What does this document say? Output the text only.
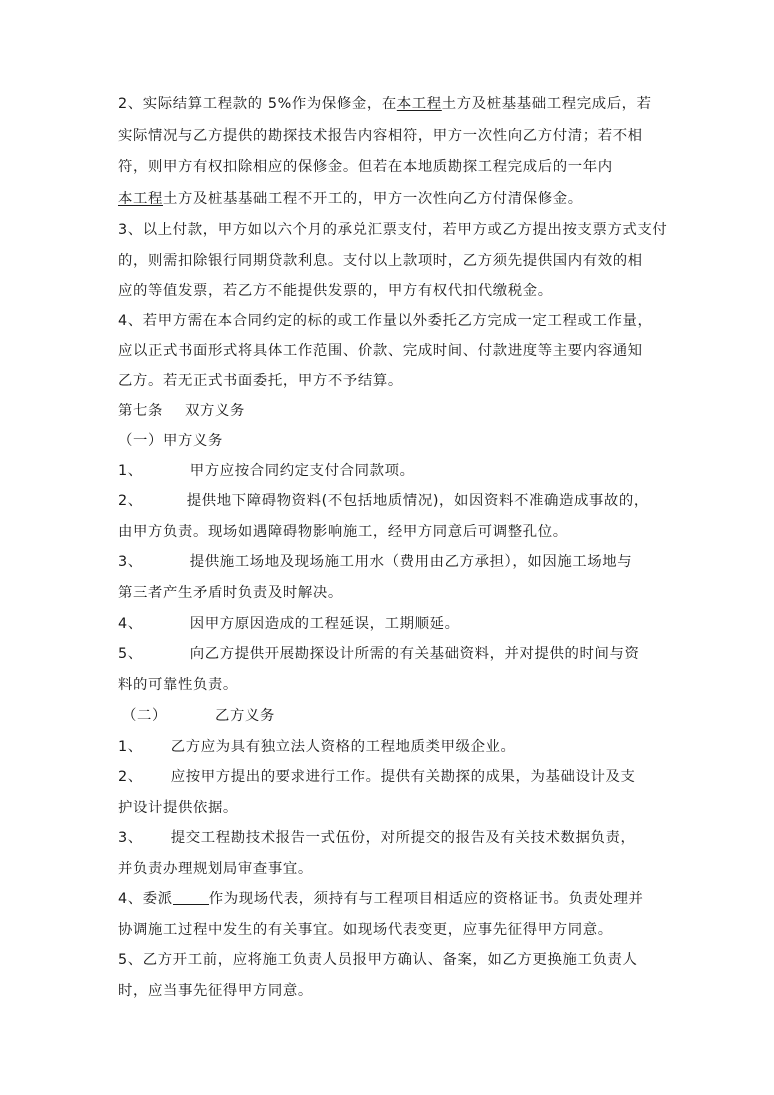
2、实际结算工程款的 5%作为保修金，在本工程土方及桩基基础工程完成后，若
实际情况与乙方提供的勘探技术报告内容相符，甲方一次性向乙方付清；若不相
符，则甲方有权扣除相应的保修金。但若在本地质勘探工程完成后的一年内
本工程土方及桩基基础工程不开工的，甲方一次性向乙方付清保修金。
3、以上付款，甲方如以六个月的承兑汇票支付，若甲方或乙方提出按支票方式支付
的，则需扣除银行同期贷款利息。支付以上款项时，乙方须先提供国内有效的相
应的等值发票，若乙方不能提供发票的，甲方有权代扣代缴税金。
4、若甲方需在本合同约定的标的或工作量以外委托乙方完成一定工程或工作量，
应以正式书面形式将具体工作范围、价款、完成时间、付款进度等主要内容通知
乙方。若无正式书面委托，甲方不予结算。
第七条 双方义务
（一）甲方义务
1、	甲方应按合同约定支付合同款项。
2、	提供地下障碍物资料(不包括地质情况)，如因资料不准确造成事故的，
由甲方负责。现场如遇障碍物影响施工，经甲方同意后可调整孔位。
3、	提供施工场地及现场施工用水（费用由乙方承担），如因施工场地与
第三者产生矛盾时负责及时解决。
4、	因甲方原因造成的工程延误，工期顺延。
5、	向乙方提供开展勘探设计所需的有关基础资料，并对提供的时间与资
料的可靠性负责。
（二）	乙方义务
1、 乙方应为具有独立法人资格的工程地质类甲级企业。
2、 应按甲方提出的要求进行工作。提供有关勘探的成果，为基础设计及支
护设计提供依据。
3、 提交工程勘技术报告一式伍份，对所提交的报告及有关技术数据负责，
并负责办理规划局审查事宜。
4、委派	作为现场代表，须持有与工程项目相适应的资格证书。负责处理并
协调施工过程中发生的有关事宜。如现场代表变更，应事先征得甲方同意。
5、乙方开工前，应将施工负责人员报甲方确认、备案，如乙方更换施工负责人
时，应当事先征得甲方同意。
